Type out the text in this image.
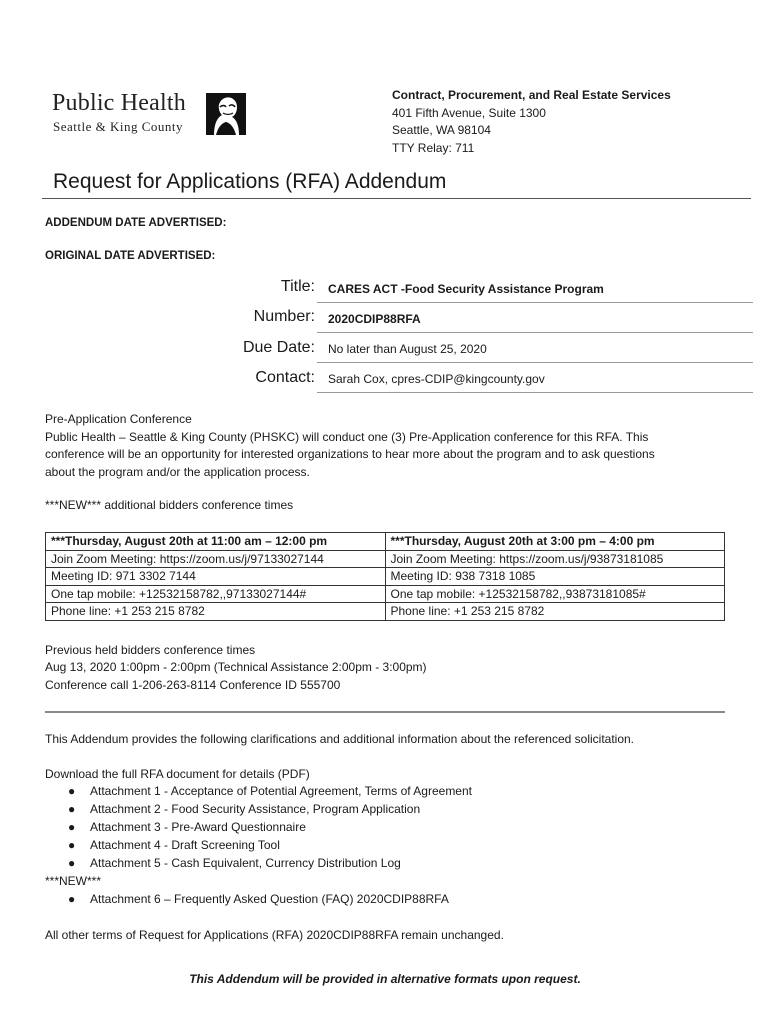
Public Health
Seattle & King County
Contract, Procurement, and Real Estate Services
401 Fifth Avenue, Suite 1300
Seattle, WA 98104
TTY Relay: 711
Request for Applications (RFA) Addendum
ADDENDUM DATE ADVERTISED:
ORIGINAL DATE ADVERTISED:
Title: CARES ACT -Food Security Assistance Program
Number: 2020CDIP88RFA
Due Date: No later than August 25, 2020
Contact: Sarah Cox, cpres-CDIP@kingcounty.gov
Pre-Application Conference
Public Health – Seattle & King County (PHSKC) will conduct one (3) Pre-Application conference for this RFA. This
conference will be an opportunity for interested organizations to hear more about the program and to ask questions
about the program and/or the application process.
***NEW*** additional bidders conference times
***Thursday, August 20th at 11:00 am – 12:00 pm	***Thursday, August 20th at 3:00 pm – 4:00 pm
Join Zoom Meeting: https://zoom.us/j/97133027144	Join Zoom Meeting: https://zoom.us/j/93873181085
Meeting ID: 971 3302 7144	Meeting ID: 938 7318 1085
One tap mobile: +12532158782,,97133027144#	One tap mobile: +12532158782,,93873181085#
Phone line: +1 253 215 8782	Phone line: +1 253 215 8782
Previous held bidders conference times
Aug 13, 2020 1:00pm - 2:00pm (Technical Assistance 2:00pm - 3:00pm)
Conference call 1-206-263-8114 Conference ID 555700
This Addendum provides the following clarifications and additional information about the referenced solicitation.
Download the full RFA document for details (PDF)
● Attachment 1 - Acceptance of Potential Agreement, Terms of Agreement
● Attachment 2 - Food Security Assistance, Program Application
● Attachment 3 - Pre-Award Questionnaire
● Attachment 4 - Draft Screening Tool
● Attachment 5 - Cash Equivalent, Currency Distribution Log
***NEW***
● Attachment 6 – Frequently Asked Question (FAQ) 2020CDIP88RFA
All other terms of Request for Applications (RFA) 2020CDIP88RFA remain unchanged.
This Addendum will be provided in alternative formats upon request.
